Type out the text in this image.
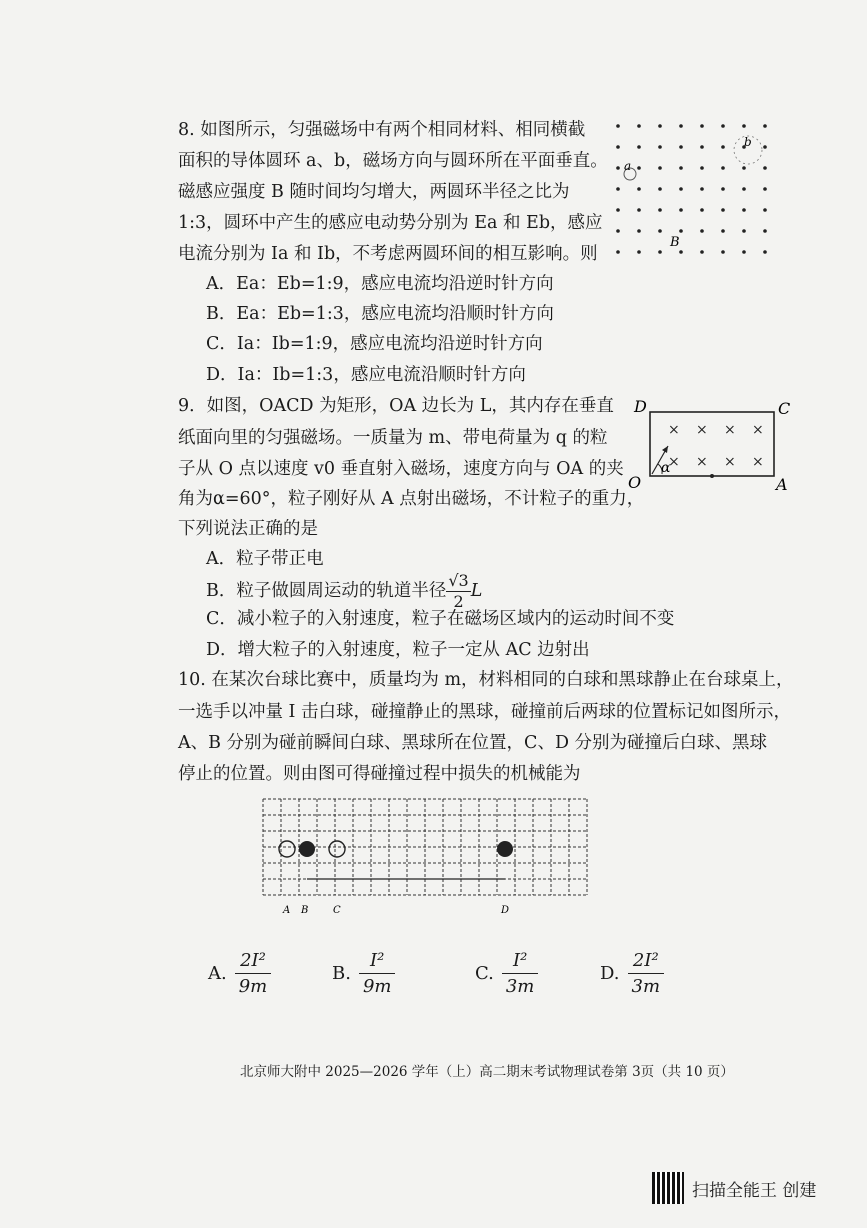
8. 如图所示，匀强磁场中有两个相同材料、相同横截
面积的导体圆环 a、b，磁场方向与圆环所在平面垂直。
磁感应强度 B 随时间均匀增大，两圆环半径之比为
1:3，圆环中产生的感应电动势分别为 Ea 和 Eb，感应
电流分别为 Ia 和 Ib，不考虑两圆环间的相互影响。则
A．Ea：Eb=1:9，感应电流均沿逆时针方向
B．Ea：Eb=1:3，感应电流均沿顺时针方向
C．Ia：Ib=1:9，感应电流均沿逆时针方向
D．Ia：Ib=1:3，感应电流沿顺时针方向
a
b
B
9．如图，OACD 为矩形，OA 边长为 L，其内存在垂直
纸面向里的匀强磁场。一质量为 m、带电荷量为 q 的粒
子从 O 点以速度 v0 垂直射入磁场，速度方向与 OA 的夹
角为α=60°，粒子刚好从 A 点射出磁场，不计粒子的重力，
下列说法正确的是
A．粒子带正电
B．粒子做圆周运动的轨道半径 $\frac{√3}{2}$ L
C．减小粒子的入射速度，粒子在磁场区域内的运动时间不变
D．增大粒子的入射速度，粒子一定从 AC 边射出
D	C
O	A
× × × ×
× × × ×
α
10. 在某次台球比赛中，质量均为 m，材料相同的白球和黑球静止在台球桌上，
一选手以冲量 I 击白球，碰撞静止的黑球，碰撞前后两球的位置标记如图所示，
A、B 分别为碰前瞬间白球、黑球所在位置，C、D 分别为碰撞后白球、黑球
停止的位置。则由图可得碰撞过程中损失的机械能为
A B C	D
A. $\frac{\text{2I²}}{9m}$	B. $\frac{\text{I²}}{9m}$	C. $\frac{\text{I²}}{3m}$	D. $\frac{\text{2I²}}{3m}$
北京师大附中 2025—2026 学年（上）高二期末考试物理试卷第 3页（共 10 页）
扫描全能王 创建
